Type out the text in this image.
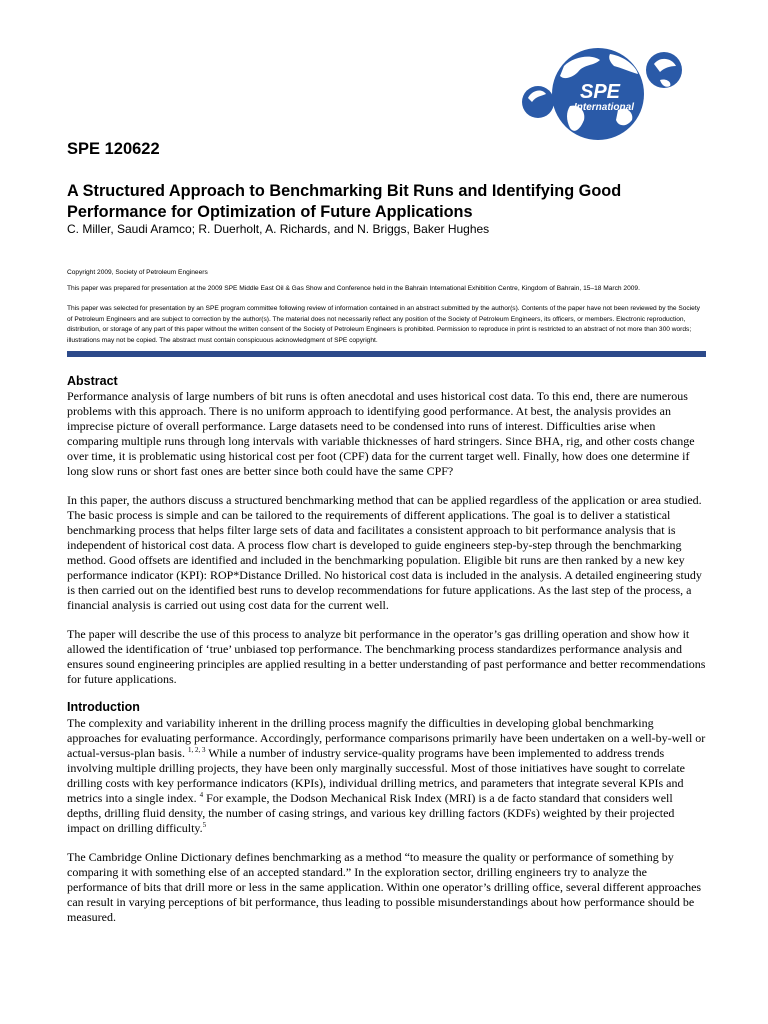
SPE
International
SPE 120622
A Structured Approach to Benchmarking Bit Runs and Identifying Good Performance for Optimization of Future Applications
C. Miller, Saudi Aramco; R. Duerholt, A. Richards, and N. Briggs, Baker Hughes
Copyright 2009, Society of Petroleum Engineers
This paper was prepared for presentation at the 2009 SPE Middle East Oil & Gas Show and Conference held in the Bahrain International Exhibition Centre, Kingdom of Bahrain, 15–18 March 2009.
This paper was selected for presentation by an SPE program committee following review of information contained in an abstract submitted by the author(s). Contents of the paper have not been reviewed by the Society of Petroleum Engineers and are subject to correction by the author(s). The material does not necessarily reflect any position of the Society of Petroleum Engineers, its officers, or members. Electronic reproduction, distribution, or storage of any part of this paper without the written consent of the Society of Petroleum Engineers is prohibited. Permission to reproduce in print is restricted to an abstract of not more than 300 words; illustrations may not be copied. The abstract must contain conspicuous acknowledgment of SPE copyright.
Abstract
Performance analysis of large numbers of bit runs is often anecdotal and uses historical cost data. To this end, there are numerous problems with this approach. There is no uniform approach to identifying good performance. At best, the analysis provides an imprecise picture of overall performance. Large datasets need to be condensed into runs of interest. Difficulties arise when comparing multiple runs through long intervals with variable thicknesses of hard stringers. Since BHA, rig, and other costs change over time, it is problematic using historical cost per foot (CPF) data for the current target well. Finally, how does one determine if long slow runs or short fast ones are better since both could have the same CPF?
In this paper, the authors discuss a structured benchmarking method that can be applied regardless of the application or area studied. The basic process is simple and can be tailored to the requirements of different applications. The goal is to deliver a statistical benchmarking process that helps filter large sets of data and facilitates a consistent approach to bit performance analysis that is independent of historical cost data. A process flow chart is developed to guide engineers step-by-step through the benchmarking method. Good offsets are identified and included in the benchmarking population. Eligible bit runs are then ranked by a new key performance indicator (KPI): ROP*Distance Drilled. No historical cost data is included in the analysis. A detailed engineering study is then carried out on the identified best runs to develop recommendations for future applications. As the last step of the process, a financial analysis is carried out using cost data for the current well.
The paper will describe the use of this process to analyze bit performance in the operator’s gas drilling operation and show how it allowed the identification of ‘true’ unbiased top performance. The benchmarking process standardizes performance analysis and ensures sound engineering principles are applied resulting in a better understanding of past performance and better recommendations for future applications.
Introduction
The complexity and variability inherent in the drilling process magnify the difficulties in developing global benchmarking approaches for evaluating performance. Accordingly, performance comparisons primarily have been undertaken on a well-by-well or actual-versus-plan basis. $^{1, 2, 3}$ While a number of industry service-quality programs have been implemented to address trends involving multiple drilling projects, they have been only marginally successful. Most of those initiatives have sought to correlate drilling costs with key performance indicators (KPIs), individual drilling metrics, and parameters that integrate several KPIs and metrics into a single index. $^4$ For example, the Dodson Mechanical Risk Index (MRI) is a de facto standard that considers well depths, drilling fluid density, the number of casing strings, and various key drilling factors (KDFs) weighted by their projected impact on drilling difficulty.$^5$
The Cambridge Online Dictionary defines benchmarking as a method “to measure the quality or performance of something by comparing it with something else of an accepted standard.” In the exploration sector, drilling engineers try to analyze the performance of bits that drill more or less in the same application. Within one operator’s drilling office, several different approaches can result in varying perceptions of bit performance, thus leading to possible misunderstandings about how performance should be measured.
